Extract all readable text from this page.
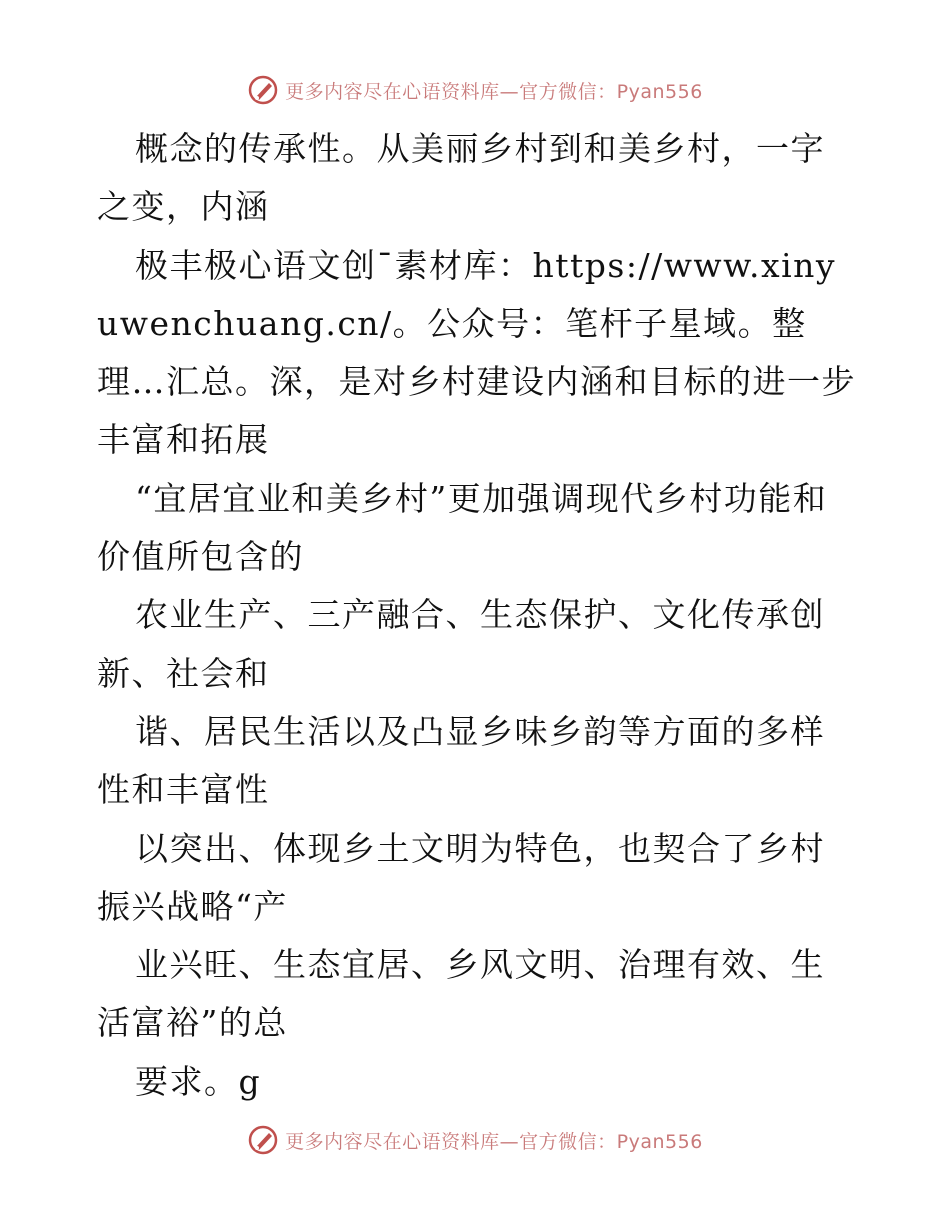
更多内容尽在心语资料库—官方微信：Pyan556

概念的传承性。从美丽乡村到和美乡村，一字之变，内涵

极丰极心语文创¯素材库：https://www.xinyuwenchuang.cn/。公众号：笔杆子星域。整理…汇总。深，是对乡村建设内涵和目标的进一步丰富和拓展

“宜居宜业和美乡村”更加强调现代乡村功能和价值所包含的

农业生产、三产融合、生态保护、文化传承创新、社会和

谐、居民生活以及凸显乡味乡韵等方面的多样性和丰富性

以突出、体现乡土文明为特色，也契合了乡村振兴战略“产

业兴旺、生态宜居、乡风文明、治理有效、生活富裕”的总

要求。g

更多内容尽在心语资料库—官方微信：Pyan556
